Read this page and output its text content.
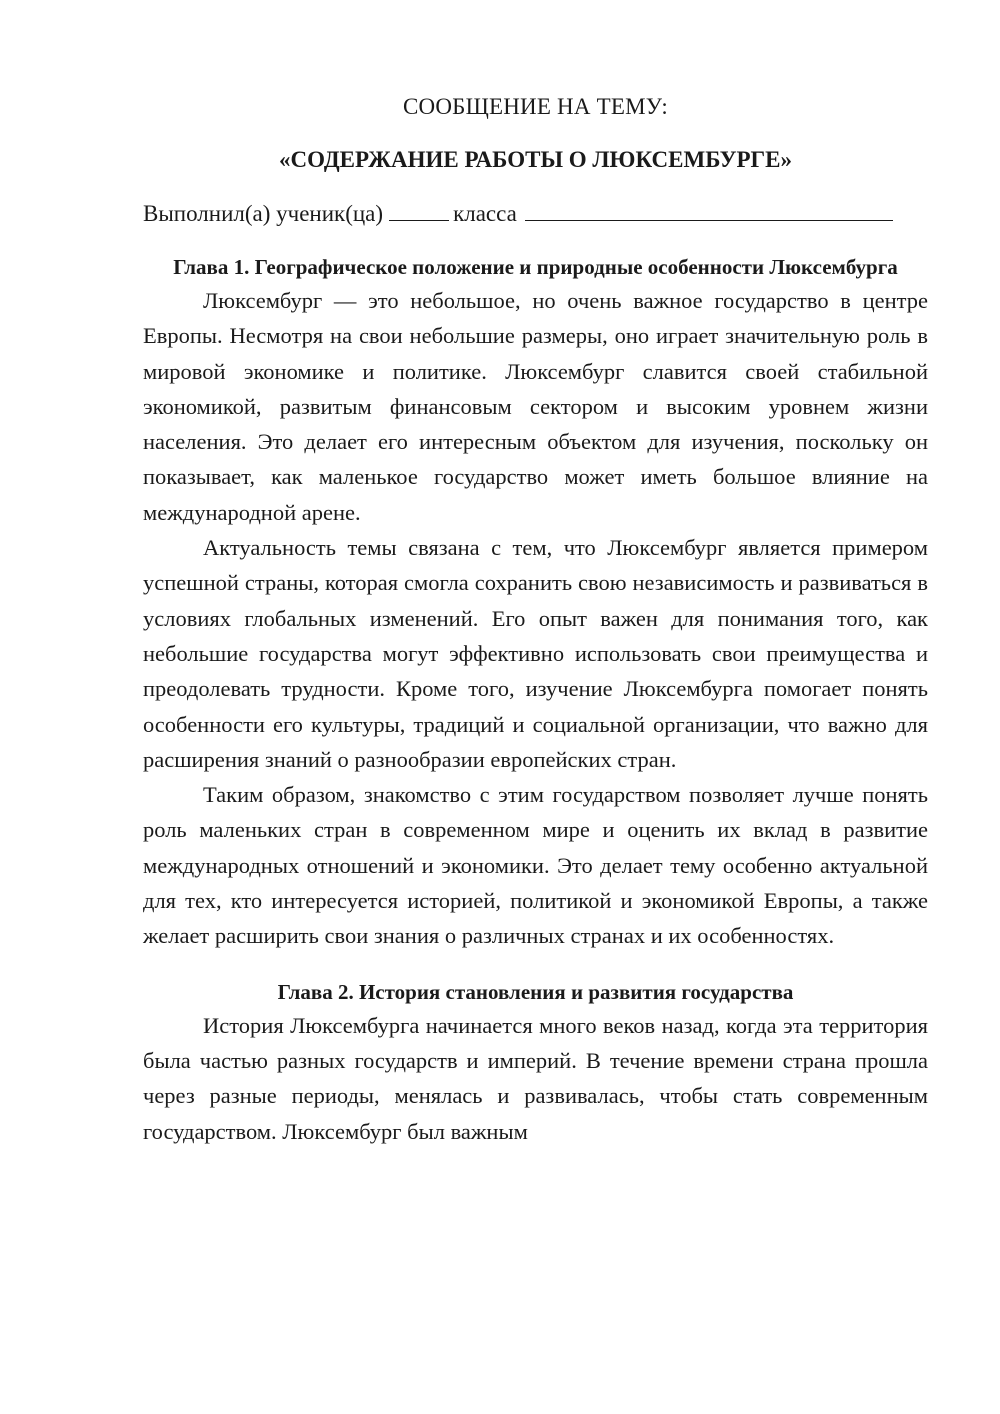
СООБЩЕНИЕ НА ТЕМУ:

«СОДЕРЖАНИЕ РАБОТЫ О ЛЮКСЕМБУРГЕ»

Выполнил(а) ученик(ца)	класса
Глава 1. Географическое положение и природные особенности Люксембурга

Люксембург — это небольшое, но очень важное государство в центре Европы. Несмотря на свои небольшие размеры, оно играет значительную роль в мировой экономике и политике. Люксембург славится своей стабильной экономикой, развитым финансовым сектором и высоким уровнем жизни населения. Это делает его интересным объектом для изучения, поскольку он показывает, как маленькое государство может иметь большое влияние на международной арене.

Актуальность темы связана с тем, что Люксембург является примером успешной страны, которая смогла сохранить свою независимость и развиваться в условиях глобальных изменений. Его опыт важен для понимания того, как небольшие государства могут эффективно использовать свои преимущества и преодолевать трудности. Кроме того, изучение Люксембурга помогает понять особенности его культуры, традиций и социальной организации, что важно для расширения знаний о разнообразии европейских стран.

Таким образом, знакомство с этим государством позволяет лучше понять роль маленьких стран в современном мире и оценить их вклад в развитие международных отношений и экономики. Это делает тему особенно актуальной для тех, кто интересуется историей, политикой и экономикой Европы, а также желает расширить свои знания о различных странах и их особенностях.

Глава 2. История становления и развития государства

История Люксембурга начинается много веков назад, когда эта территория была частью разных государств и империй. В течение времени страна прошла через разные периоды, менялась и развивалась, чтобы стать современным государством. Люксембург был важным
